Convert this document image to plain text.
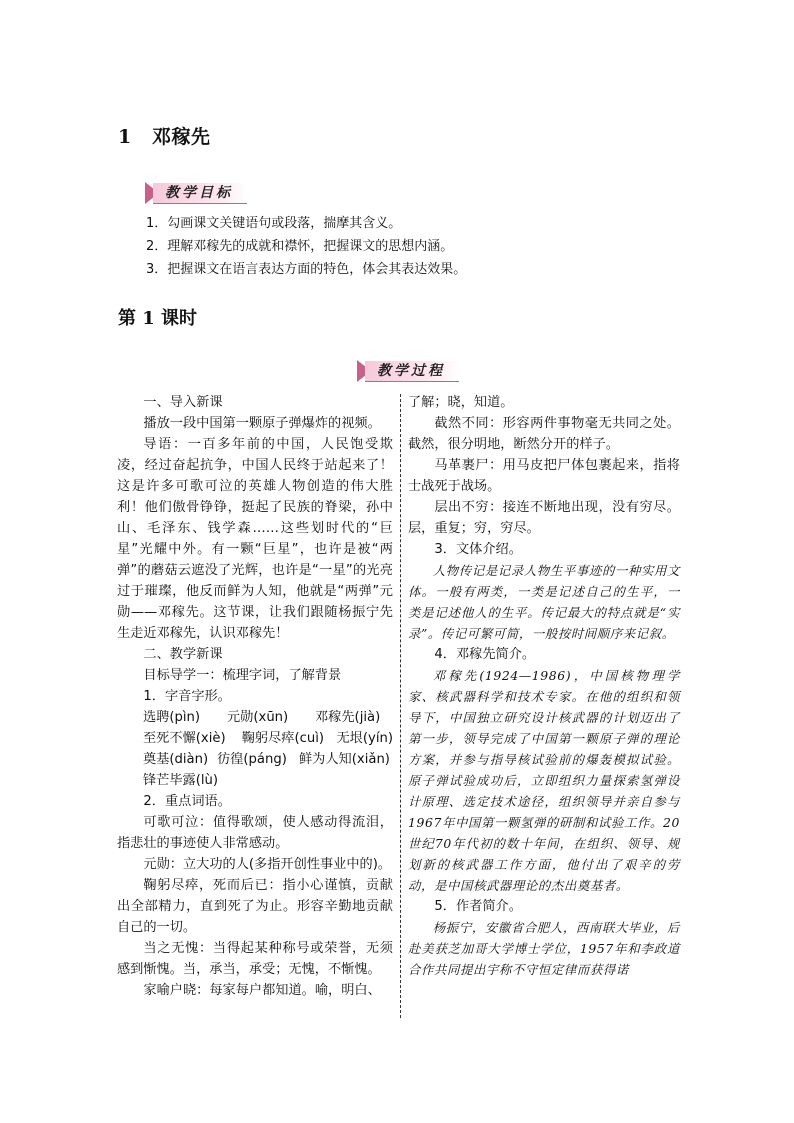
1 邓稼先
教学目标
1．勾画课文关键语句或段落，揣摩其含义。
2．理解邓稼先的成就和襟怀，把握课文的思想内涵。
3．把握课文在语言表达方面的特色，体会其表达效果。
第 1 课时
教学过程

一、导入新课

播放一段中国第一颗原子弹爆炸的视频。

导语：一百多年前的中国，人民饱受欺凌，经过奋起抗争，中国人民终于站起来了！这是许多可歌可泣的英雄人物创造的伟大胜利！他们傲骨铮铮，挺起了民族的脊梁，孙中山、毛泽东、钱学森……这些划时代的“巨星”光耀中外。有一颗“巨星”，也许是被“两弹”的蘑菇云遮没了光辉，也许是“一星”的光亮过于璀璨，他反而鲜为人知，他就是“两弹”元勋——邓稼先。这节课，让我们跟随杨振宁先生走近邓稼先，认识邓稼先！

二、教学新课

目标导学一：梳理字词，了解背景

1．字音字形。

选聘(pìn)	元勋(xūn)	邓稼先(jià)
至死不懈(xiè)	鞠躬尽瘁(cuì) 无垠(yín)
奠基(diàn) 彷徨(páng) 鲜为人知(xiǎn)
锋芒毕露(lù)

2．重点词语。

可歌可泣：值得歌颂，使人感动得流泪，指悲壮的事迹使人非常感动。

元勋：立大功的人(多指开创性事业中的)。

鞠躬尽瘁，死而后已：指小心谨慎，贡献出全部精力，直到死了为止。形容辛勤地贡献自己的一切。

当之无愧：当得起某种称号或荣誉，无须感到惭愧。当，承当，承受；无愧，不惭愧。

家喻户晓：每家每户都知道。喻，明白、

了解；晓，知道。

截然不同：形容两件事物毫无共同之处。截然，很分明地，断然分开的样子。

马革裹尸：用马皮把尸体包裹起来，指将士战死于战场。

层出不穷：接连不断地出现，没有穷尽。层，重复；穷，穷尽。

3．文体介绍。

人物传记是记录人物生平事迹的一种实用文体。一般有两类，一类是记述自己的生平，一类是记述他人的生平。传记最大的特点就是“实录”。传记可繁可简，一般按时间顺序来记叙。

4．邓稼先简介。

邓稼先(1924—1986)，中国核物理学家、核武器科学和技术专家。在他的组织和领导下，中国独立研究设计核武器的计划迈出了第一步，领导完成了中国第一颗原子弹的理论方案，并参与指导核试验前的爆轰模拟试验。原子弹试验成功后，立即组织力量探索氢弹设计原理、选定技术途径，组织领导并亲自参与1967年中国第一颗氢弹的研制和试验工作。20世纪70年代初的数十年间，在组织、领导、规划新的核武器工作方面，他付出了艰辛的劳动，是中国核武器理论的杰出奠基者。

5．作者简介。

杨振宁，安徽省合肥人，西南联大毕业，后赴美获芝加哥大学博士学位，1957年和李政道合作共同提出宇称不守恒定律而获得诺
